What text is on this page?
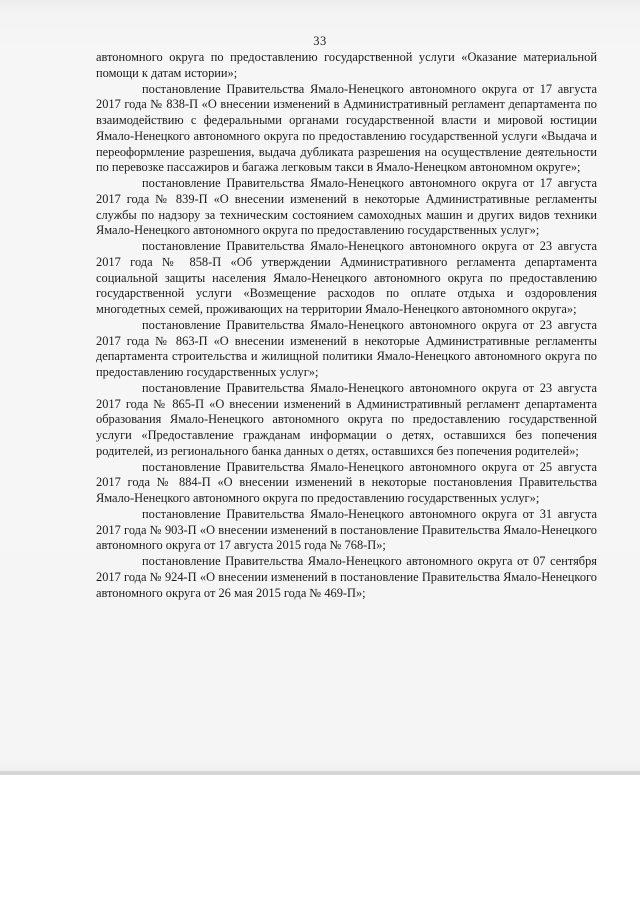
33

автономного округа по предоставлению государственной услуги «Оказание материальной помощи к датам истории»;

постановление Правительства Ямало-Ненецкого автономного округа от 17 августа 2017 года № 838-П «О внесении изменений в Административный регламент департамента по взаимодействию с федеральными органами государственной власти и мировой юстиции Ямало-Ненецкого автономного округа по предоставлению государственной услуги «Выдача и переоформление разрешения, выдача дубликата разрешения на осуществление деятельности по перевозке пассажиров и багажа легковым такси в Ямало-Ненецком автономном округе»;

постановление Правительства Ямало-Ненецкого автономного округа от 17 августа 2017 года № 839-П «О внесении изменений в некоторые Административные регламенты службы по надзору за техническим состоянием самоходных машин и других видов техники Ямало-Ненецкого автономного округа по предоставлению государственных услуг»;

постановление Правительства Ямало-Ненецкого автономного округа от 23 августа 2017 года № 858-П «Об утверждении Административного регламента департамента социальной защиты населения Ямало-Ненецкого автономного округа по предоставлению государственной услуги «Возмещение расходов по оплате отдыха и оздоровления многодетных семей, проживающих на территории Ямало-Ненецкого автономного округа»;

постановление Правительства Ямало-Ненецкого автономного округа от 23 августа 2017 года № 863-П «О внесении изменений в некоторые Административные регламенты департамента строительства и жилищной политики Ямало-Ненецкого автономного округа по предоставлению государственных услуг»;

постановление Правительства Ямало-Ненецкого автономного округа от 23 августа 2017 года № 865-П «О внесении изменений в Административный регламент департамента образования Ямало-Ненецкого автономного округа по предоставлению государственной услуги «Предоставление гражданам информации о детях, оставшихся без попечения родителей, из регионального банка данных о детях, оставшихся без попечения родителей»;

постановление Правительства Ямало-Ненецкого автономного округа от 25 августа 2017 года № 884-П «О внесении изменений в некоторые постановления Правительства Ямало-Ненецкого автономного округа по предоставлению государственных услуг»;

постановление Правительства Ямало-Ненецкого автономного округа от 31 августа 2017 года № 903-П «О внесении изменений в постановление Правительства Ямало-Ненецкого автономного округа от 17 августа 2015 года № 768-П»;

постановление Правительства Ямало-Ненецкого автономного округа от 07 сентября 2017 года № 924-П «О внесении изменений в постановление Правительства Ямало-Ненецкого автономного округа от 26 мая 2015 года № 469-П»;
